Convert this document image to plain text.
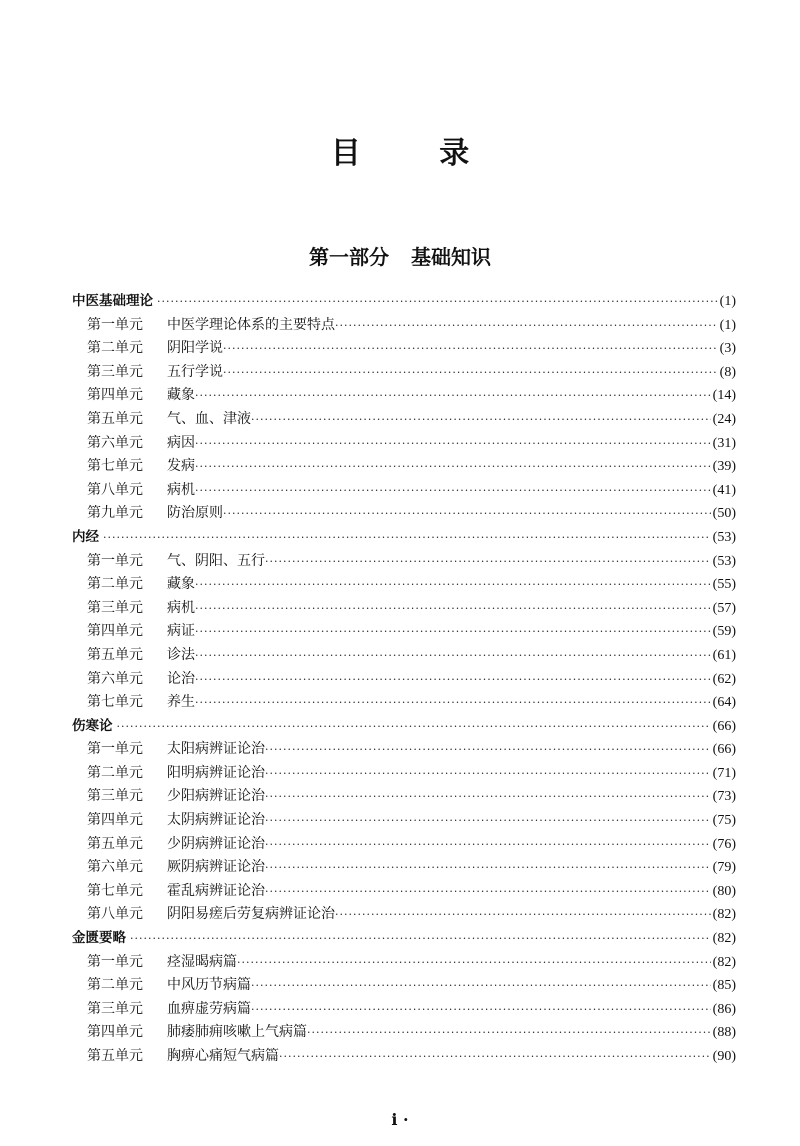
目 录
第一部分 基础知识
中医基础理论 ·····	(1)
第一单元	中医学理论体系的主要特点 ·····	(1)
第二单元	阴阳学说 ·····	(3)
第三单元	五行学说 ·····	(8)
第四单元	藏象 ·····	(14)
第五单元	气、血、津液 ·····	(24)
第六单元	病因 ·····	(31)
第七单元	发病 ·····	(39)
第八单元	病机 ·····	(41)
第九单元	防治原则 ·····	(50)
内经 ·····	(53)
第一单元	气、阴阳、五行 ·····	(53)
第二单元	藏象 ·····	(55)
第三单元	病机 ·····	(57)
第四单元	病证 ·····	(59)
第五单元	诊法 ·····	(61)
第六单元	论治 ·····	(62)
第七单元	养生 ·····	(64)
伤寒论 ·····	(66)
第一单元	太阳病辨证论治 ·····	(66)
第二单元	阳明病辨证论治 ·····	(71)
第三单元	少阳病辨证论治 ·····	(73)
第四单元	太阴病辨证论治 ·····	(75)
第五单元	少阴病辨证论治 ·····	(76)
第六单元	厥阴病辨证论治 ·····	(79)
第七单元	霍乱病辨证论治 ·····	(80)
第八单元	阴阳易瘥后劳复病辨证论治 ·····	(82)
金匮要略 ·····	(82)
第一单元	痉湿暍病篇 ·····	(82)
第二单元	中风历节病篇 ·····	(85)
第三单元	血痹虚劳病篇 ·····	(86)
第四单元	肺痿肺痈咳嗽上气病篇 ·····	(88)
第五单元	胸痹心痛短气病篇 ·····	(90)
i ·
